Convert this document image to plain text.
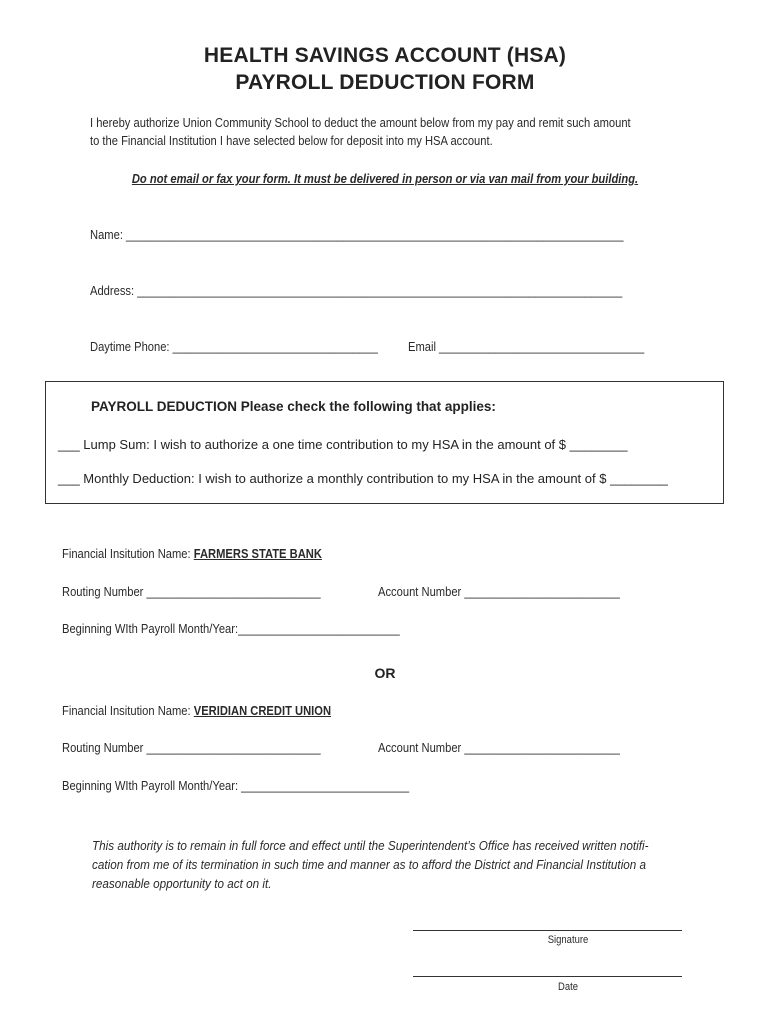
HEALTH SAVINGS ACCOUNT (HSA)
PAYROLL DEDUCTION FORM
I hereby authorize Union Community School to deduct the amount below from my pay and remit such amount
to the Financial Institution I have selected below for deposit into my HSA account.
Do not email or fax your form. It must be delivered in person or via van mail from your building.
Name: ________________________________________________________________________________
Address: ______________________________________________________________________________
Daytime Phone: _________________________________ Email _________________________________
PAYROLL DEDUCTION Please check the following that applies:
___ Lump Sum: I wish to authorize a one time contribution to my HSA in the amount of $ ________
___ Monthly Deduction: I wish to authorize a monthly contribution to my HSA in the amount of $ ________
Financial Insitution Name: FARMERS STATE BANK
Routing Number ____________________________	Account Number _________________________
Beginning WIth Payroll Month/Year:__________________________
OR
Financial Insitution Name: VERIDIAN CREDIT UNION
Routing Number ____________________________	Account Number _________________________
Beginning WIth Payroll Month/Year: ___________________________
This authority is to remain in full force and effect until the Superintendent’s Office has received written notifi-
cation from me of its termination in such time and manner as to afford the District and Financial Institution a
reasonable opportunity to act on it.
Signature
Date
